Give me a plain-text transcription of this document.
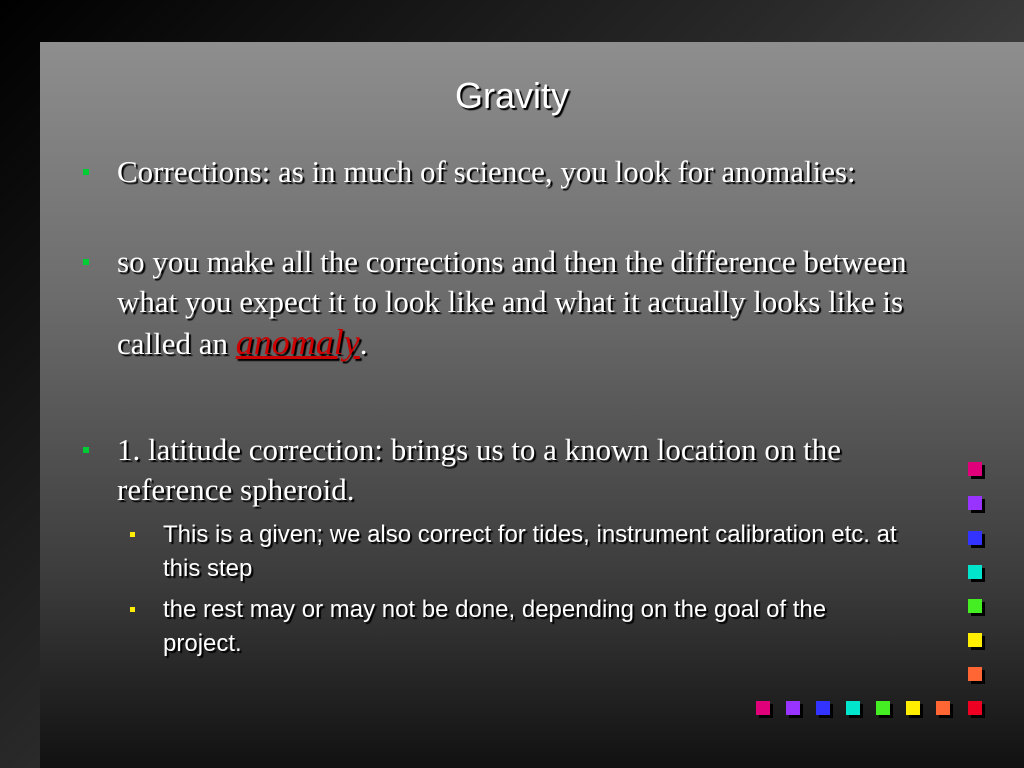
Gravity
Corrections: as in much of science, you look for anomalies:
so you make all the corrections and then the difference between what you expect it to look like and what it actually looks like is called an anomaly.
1. latitude correction: brings us to a known location on the reference spheroid.
This is a given; we also correct for tides, instrument calibration etc. at this step
the rest may or may not be done, depending on the goal of the project.
